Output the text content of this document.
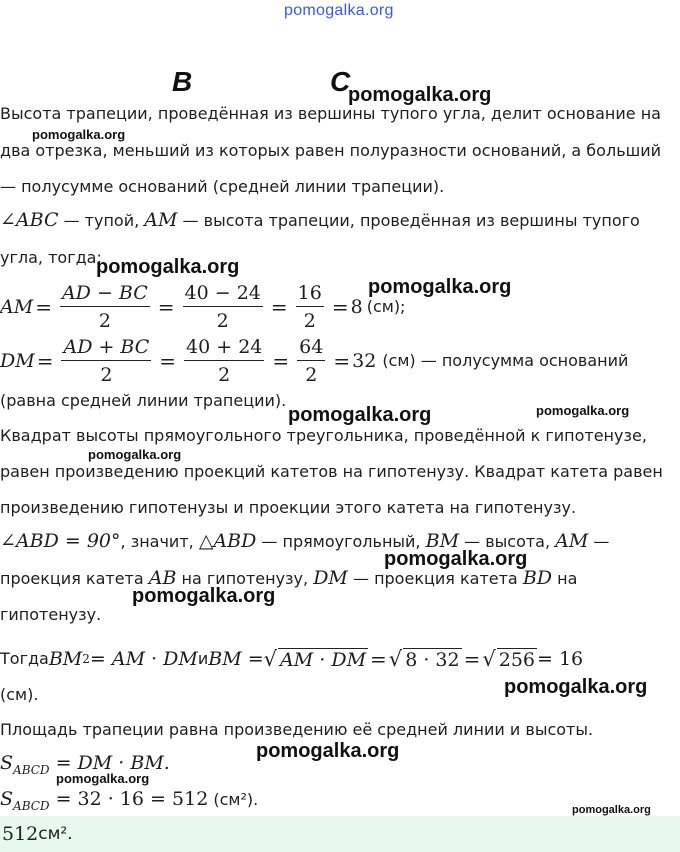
pomogalka.org
B	C
Высота трапеции, проведённая из вершины тупого угла, делит основание на
два отрезка, меньший из которых равен полуразности оснований, а больший
— полусумме оснований (средней линии трапеции).
∠ABC — тупой, AM — высота трапеции, проведённая из вершины тупого
угла, тогда:
AM = $\frac{AD - BC}{2} = \frac{40 - 24}{2} = \frac{16}{2} = 8$ (см);
DM = $\frac{AD + BC}{2} = \frac{40 + 24}{2} = \frac{64}{2} = 32$ (см) — полусумма оснований
(равна средней линии трапеции).
Квадрат высоты прямоугольного треугольника, проведённой к гипотенузе,
равен произведению проекций катетов на гипотенузу. Квадрат катета равен
произведению гипотенузы и проекции этого катета на гипотенузу.
∠ABD = 90°, значит, △ABD — прямоугольный, BM — высота, AM —
проекция катета AB на гипотенузу, DM — проекция катета BD на
гипотенузу.
Тогда BM 2 = AM · DM и BM = √ AM · DM = √ 8 · 32 = √ 256 = 16
(см).
Площадь трапеции равна произведению её средней линии и высоты.
$S_{ABCD}$ = DM · BM.
$S_{ABCD} = 32 \cdot 16 = 512$ (см²).
512 см².
pomogalka.org
pomogalka.org
pomogalka.org
pomogalka.org
pomogalka.org	pomogalka.org
pomogalka.org
pomogalka.org
pomogalka.org
pomogalka.org
pomogalka.org
pomogalka.org
pomogalka.org
